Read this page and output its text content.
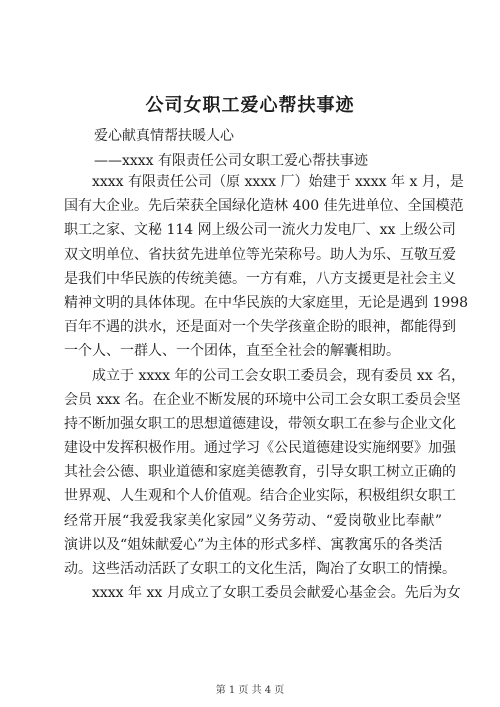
公司女职工爱心帮扶事迹
爱心献真情帮扶暖人心
——xxxx 有限责任公司女职工爱心帮扶事迹
xxxx 有限责任公司（原 xxxx 厂）始建于 xxxx 年 x 月，是
国有大企业。先后荣获全国绿化造林 400 佳先进单位、全国模范
职工之家、文秘 114 网上级公司一流火力发电厂、xx 上级公司
双文明单位、省扶贫先进单位等光荣称号。助人为乐、互敬互爱
是我们中华民族的传统美德。一方有难，八方支援更是社会主义
精神文明的具体体现。在中华民族的大家庭里，无论是遇到 1998
百年不遇的洪水，还是面对一个失学孩童企盼的眼神，都能得到
一个人、一群人、一个团体，直至全社会的解囊相助。
成立于 xxxx 年的公司工会女职工委员会，现有委员 xx 名，
会员 xxx 名。在企业不断发展的环境中公司工会女职工委员会坚
持不断加强女职工的思想道德建设，带领女职工在参与企业文化
建设中发挥积极作用。通过学习《公民道德建设实施纲要》加强
其社会公德、职业道德和家庭美德教育，引导女职工树立正确的
世界观、人生观和个人价值观。结合企业实际，积极组织女职工
经常开展“我爱我家美化家园”义务劳动、“爱岗敬业比奉献”
演讲以及“姐妹献爱心”为主体的形式多样、寓教寓乐的各类活
动。这些活动活跃了女职工的文化生活，陶冶了女职工的情操。
xxxx 年 xx 月成立了女职工委员会献爱心基金会。先后为女
第 1 页 共 4 页
